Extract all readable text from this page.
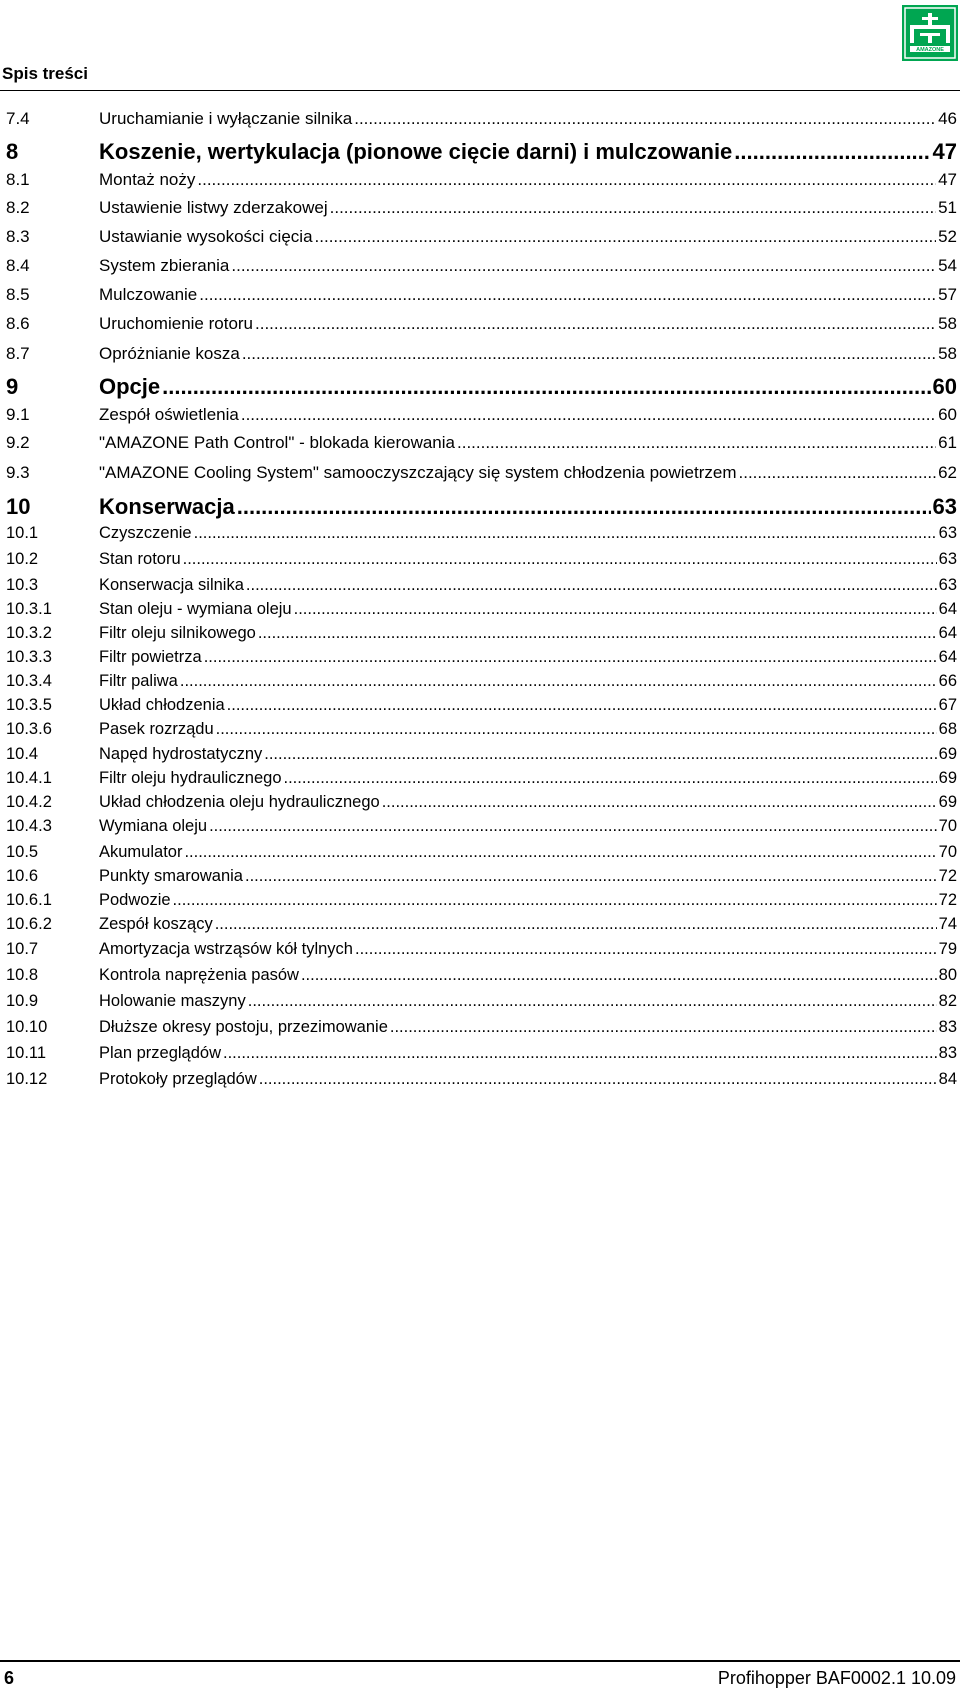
Spis treści
AMAZONE
7.4	Uruchamianie i wyłączanie silnika .....	46
8	Koszenie, wertykulacja (pionowe cięcie darni) i mulczowanie .....	47
8.1	Montaż noży .....	47
8.2	Ustawienie listwy zderzakowej .....	51
8.3	Ustawianie wysokości cięcia .....	52
8.4	System zbierania .....	54
8.5	Mulczowanie .....	57
8.6	Uruchomienie rotoru .....	58
8.7	Opróżnianie kosza .....	58
9	Opcje .....	60
9.1	Zespół oświetlenia .....	60
9.2	"AMAZONE Path Control" - blokada kierowania .....	61
9.3	"AMAZONE Cooling System" samooczyszczający się system chłodzenia powietrzem .....	62
10	Konserwacja .....	63
10.1	Czyszczenie .....	63
10.2	Stan rotoru .....	63
10.3	Konserwacja silnika .....	63
10.3.1	Stan oleju - wymiana oleju .....	64
10.3.2	Filtr oleju silnikowego .....	64
10.3.3	Filtr powietrza .....	64
10.3.4	Filtr paliwa .....	66
10.3.5	Układ chłodzenia .....	67
10.3.6	Pasek rozrządu .....	68
10.4	Napęd hydrostatyczny .....	69
10.4.1	Filtr oleju hydraulicznego .....	69
10.4.2	Układ chłodzenia oleju hydraulicznego .....	69
10.4.3	Wymiana oleju .....	70
10.5	Akumulator .....	70
10.6	Punkty smarowania .....	72
10.6.1	Podwozie .....	72
10.6.2	Zespół koszący .....	74
10.7	Amortyzacja wstrząsów kół tylnych .....	79
10.8	Kontrola naprężenia pasów .....	80
10.9	Holowanie maszyny .....	82
10.10	Dłuższe okresy postoju, przezimowanie .....	83
10.11	Plan przeglądów .....	83
10.12	Protokoły przeglądów .....	84
6	Profihopper BAF0002.1 10.09
